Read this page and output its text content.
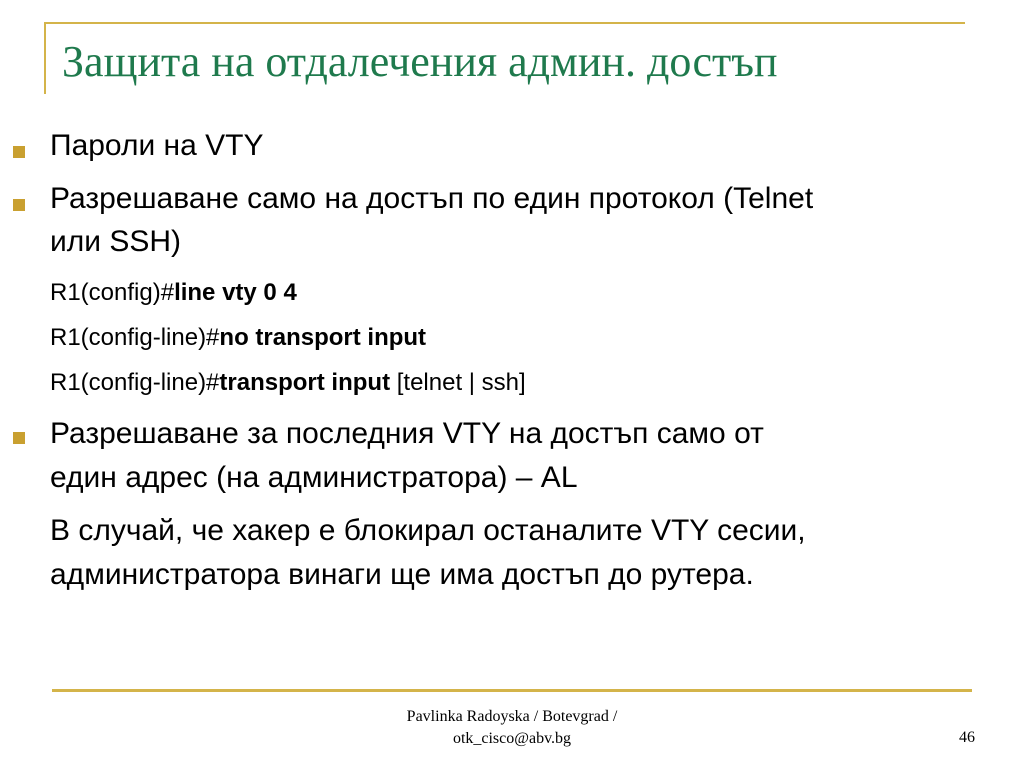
Защита на отдалечения админ. достъп

Пароли на VTY

Разрешаване само на достъп по един протокол (Telnet

или SSH)

R1(config)#line vty 0 4

R1(config-line)#no transport input

R1(config-line)#transport input [telnet | ssh]

Разрешаване за последния VTY на достъп само от

един адрес (на администратора) – AL

В случай, че хакер е блокирал останалите VTY сесии,

администратора винаги ще има достъп до рутера.

Pavlinka Radoyska / Botevgrad /
otk_cisco@abv.bg	46
